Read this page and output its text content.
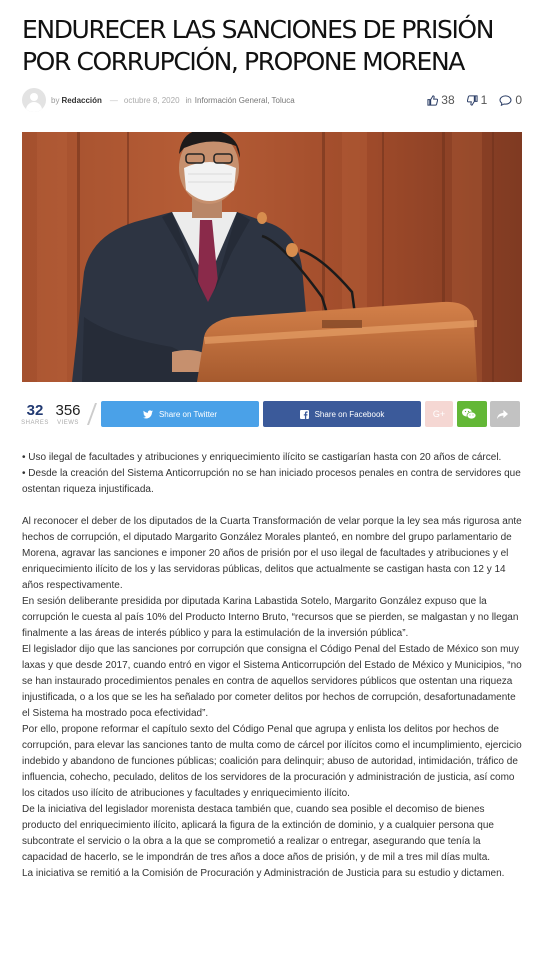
ENDURECER LAS SANCIONES DE PRISIÓN POR CORRUPCIÓN, PROPONE MORENA
by Redacción — octubre 8, 2020 in Información General, Toluca	38 1 0
32
SHARES
356
VIEWS
Share on Twitter	Share on Facebook	G+

• Uso ilegal de facultades y atribuciones y enriquecimiento ilícito se castigarían hasta con 20 años de cárcel.

• Desde la creación del Sistema Anticorrupción no se han iniciado procesos penales en contra de servidores que ostentan riqueza injustificada.

Al reconocer el deber de los diputados de la Cuarta Transformación de velar porque la ley sea más rigurosa ante hechos de corrupción, el diputado Margarito González Morales planteó, en nombre del grupo parlamentario de Morena, agravar las sanciones e imponer 20 años de prisión por el uso ilegal de facultades y atribuciones y el enriquecimiento ilícito de los y las servidoras públicas, delitos que actualmente se castigan hasta con 12 y 14 años respectivamente.

En sesión deliberante presidida por diputada Karina Labastida Sotelo, Margarito González expuso que la corrupción le cuesta al país 10% del Producto Interno Bruto, “recursos que se pierden, se malgastan y no llegan finalmente a las áreas de interés público y para la estimulación de la inversión pública”.

El legislador dijo que las sanciones por corrupción que consigna el Código Penal del Estado de México son muy laxas y que desde 2017, cuando entró en vigor el Sistema Anticorrupción del Estado de México y Municipios, “no se han instaurado procedimientos penales en contra de aquellos servidores públicos que ostentan una riqueza injustificada, o a los que se les ha señalado por cometer delitos por hechos de corrupción, desafortunadamente el Sistema ha mostrado poca efectividad”.

Por ello, propone reformar el capítulo sexto del Código Penal que agrupa y enlista los delitos por hechos de corrupción, para elevar las sanciones tanto de multa como de cárcel por ilícitos como el incumplimiento, ejercicio indebido y abandono de funciones públicas; coalición para delinquir; abuso de autoridad, intimidación, tráfico de influencia, cohecho, peculado, delitos de los servidores de la procuración y administración de justicia, así como los citados uso ilícito de atribuciones y facultades y enriquecimiento ilícito.

De la iniciativa del legislador morenista destaca también que, cuando sea posible el decomiso de bienes producto del enriquecimiento ilícito, aplicará la figura de la extinción de dominio, y a cualquier persona que subcontrate el servicio o la obra a la que se comprometió a realizar o entregar, asegurando que tenía la capacidad de hacerlo, se le impondrán de tres años a doce años de prisión, y de mil a tres mil días multa.

La iniciativa se remitió a la Comisión de Procuración y Administración de Justicia para su estudio y dictamen.
